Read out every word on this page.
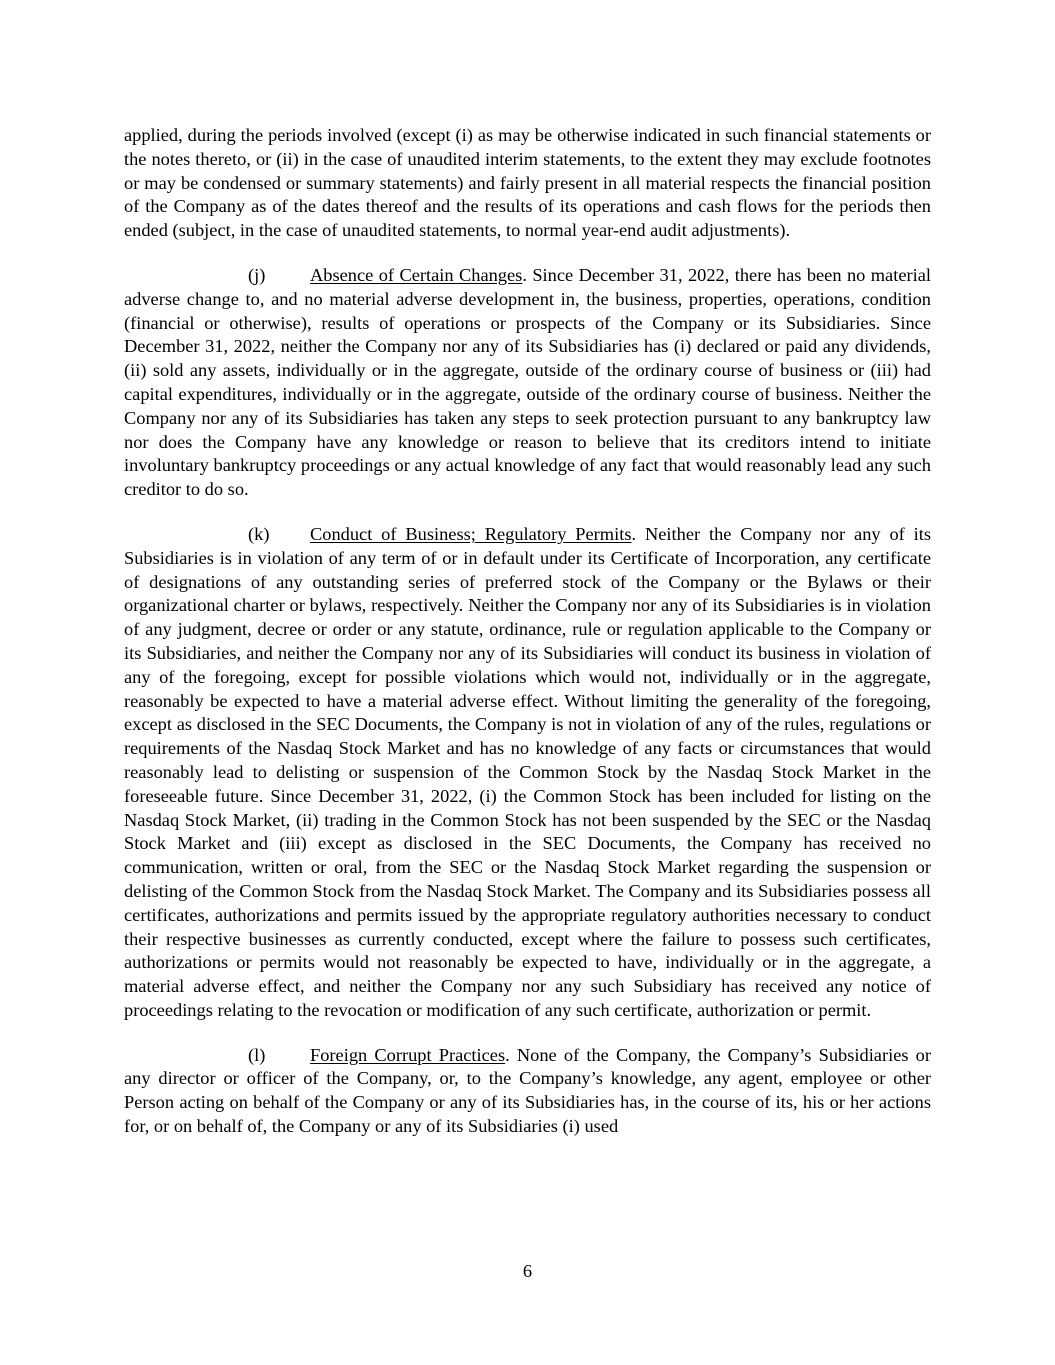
applied, during the periods involved (except (i) as may be otherwise indicated in such financial statements or the notes thereto, or (ii) in the case of unaudited interim statements, to the extent they may exclude footnotes or may be condensed or summary statements) and fairly present in all material respects the financial position of the Company as of the dates thereof and the results of its operations and cash flows for the periods then ended (subject, in the case of unaudited statements, to normal year-end audit adjustments).

(j) Absence of Certain Changes. Since December 31, 2022, there has been no material adverse change to, and no material adverse development in, the business, properties, operations, condition (financial or otherwise), results of operations or prospects of the Company or its Subsidiaries. Since December 31, 2022, neither the Company nor any of its Subsidiaries has (i) declared or paid any dividends, (ii) sold any assets, individually or in the aggregate, outside of the ordinary course of business or (iii) had capital expenditures, individually or in the aggregate, outside of the ordinary course of business. Neither the Company nor any of its Subsidiaries has taken any steps to seek protection pursuant to any bankruptcy law nor does the Company have any knowledge or reason to believe that its creditors intend to initiate involuntary bankruptcy proceedings or any actual knowledge of any fact that would reasonably lead any such creditor to do so.

(k) Conduct of Business; Regulatory Permits. Neither the Company nor any of its Subsidiaries is in violation of any term of or in default under its Certificate of Incorporation, any certificate of designations of any outstanding series of preferred stock of the Company or the Bylaws or their organizational charter or bylaws, respectively. Neither the Company nor any of its Subsidiaries is in violation of any judgment, decree or order or any statute, ordinance, rule or regulation applicable to the Company or its Subsidiaries, and neither the Company nor any of its Subsidiaries will conduct its business in violation of any of the foregoing, except for possible violations which would not, individually or in the aggregate, reasonably be expected to have a material adverse effect. Without limiting the generality of the foregoing, except as disclosed in the SEC Documents, the Company is not in violation of any of the rules, regulations or requirements of the Nasdaq Stock Market and has no knowledge of any facts or circumstances that would reasonably lead to delisting or suspension of the Common Stock by the Nasdaq Stock Market in the foreseeable future. Since December 31, 2022, (i) the Common Stock has been included for listing on the Nasdaq Stock Market, (ii) trading in the Common Stock has not been suspended by the SEC or the Nasdaq Stock Market and (iii) except as disclosed in the SEC Documents, the Company has received no communication, written or oral, from the SEC or the Nasdaq Stock Market regarding the suspension or delisting of the Common Stock from the Nasdaq Stock Market. The Company and its Subsidiaries possess all certificates, authorizations and permits issued by the appropriate regulatory authorities necessary to conduct their respective businesses as currently conducted, except where the failure to possess such certificates, authorizations or permits would not reasonably be expected to have, individually or in the aggregate, a material adverse effect, and neither the Company nor any such Subsidiary has received any notice of proceedings relating to the revocation or modification of any such certificate, authorization or permit.

(l) Foreign Corrupt Practices. None of the Company, the Company’s Subsidiaries or any director or officer of the Company, or, to the Company’s knowledge, any agent, employee or other Person acting on behalf of the Company or any of its Subsidiaries has, in the course of its, his or her actions for, or on behalf of, the Company or any of its Subsidiaries (i) used

6
